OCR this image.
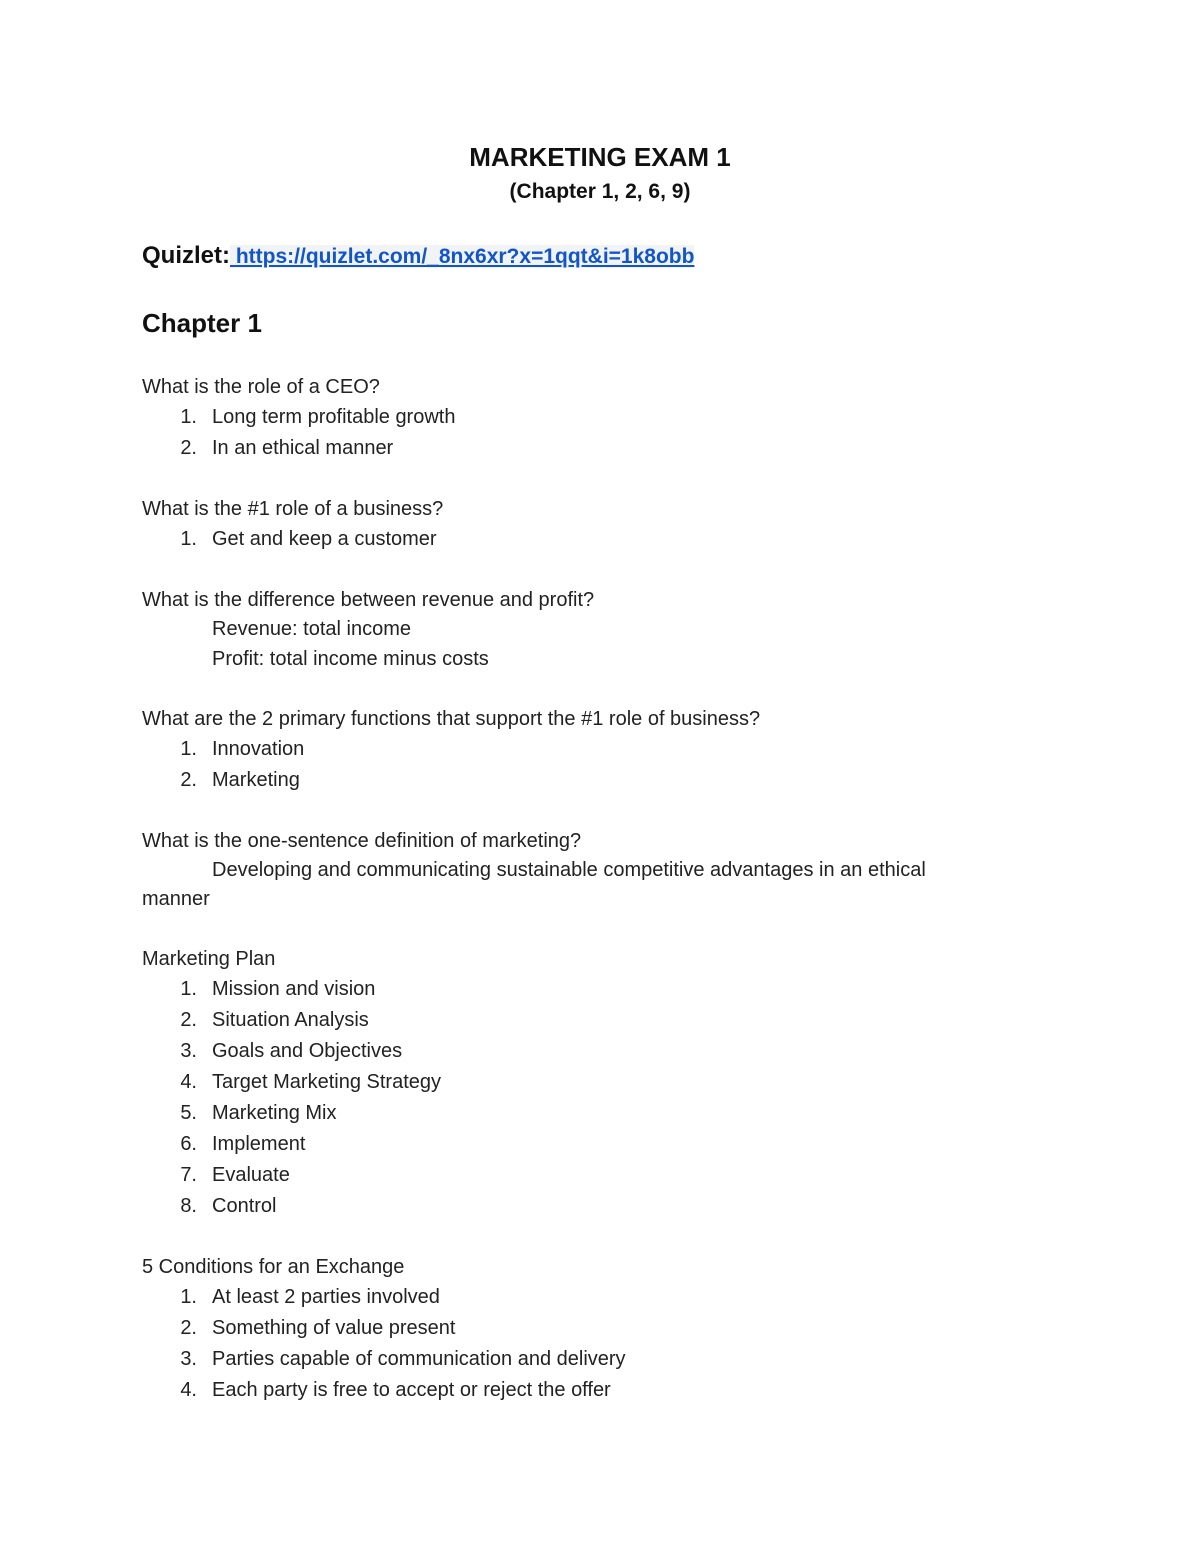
MARKETING EXAM 1
(Chapter 1, 2, 6, 9)
Quizlet: https://quizlet.com/_8nx6xr?x=1qqt&i=1k8obb
Chapter 1
What is the role of a CEO?
1. Long term profitable growth
2. In an ethical manner
What is the #1 role of a business?
1. Get and keep a customer
What is the difference between revenue and profit?
Revenue: total income
Profit: total income minus costs
What are the 2 primary functions that support the #1 role of business?
1. Innovation
2. Marketing
What is the one-sentence definition of marketing?
Developing and communicating sustainable competitive advantages in an ethical manner
Marketing Plan
1. Mission and vision
2. Situation Analysis
3. Goals and Objectives
4. Target Marketing Strategy
5. Marketing Mix
6. Implement
7. Evaluate
8. Control
5 Conditions for an Exchange
1. At least 2 parties involved
2. Something of value present
3. Parties capable of communication and delivery
4. Each party is free to accept or reject the offer
